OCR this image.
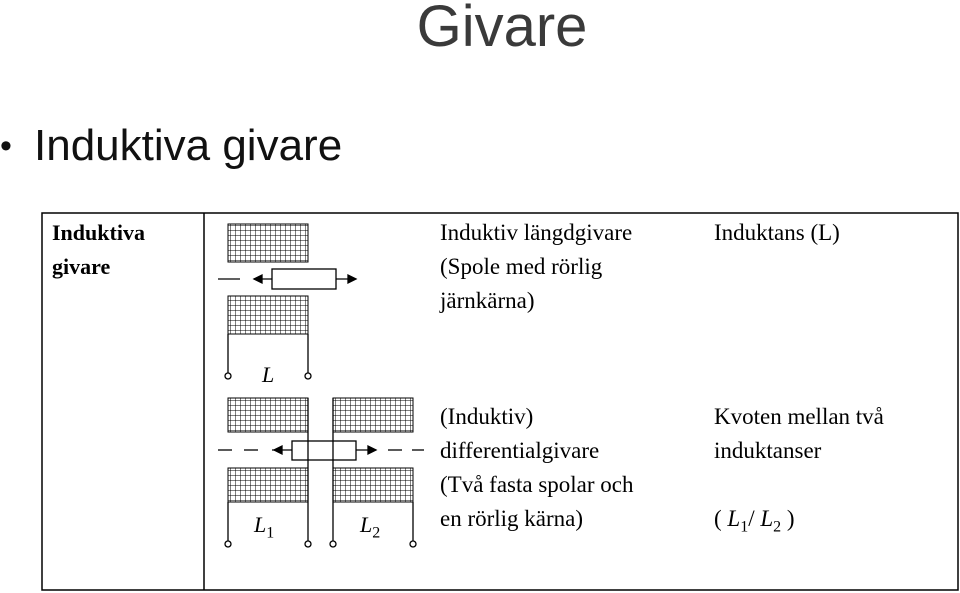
Givare
• Induktiva givare
Induktiva
givare
Induktiv längdgivare
(Spole med rörlig
järnkärna)
Induktans (L)
L
(Induktiv)
differentialgivare
(Två fasta spolar och
en rörlig kärna)
Kvoten mellan två
induktanser

( $L_1/$ $L_2$ )

$L_1$	$L_2$
